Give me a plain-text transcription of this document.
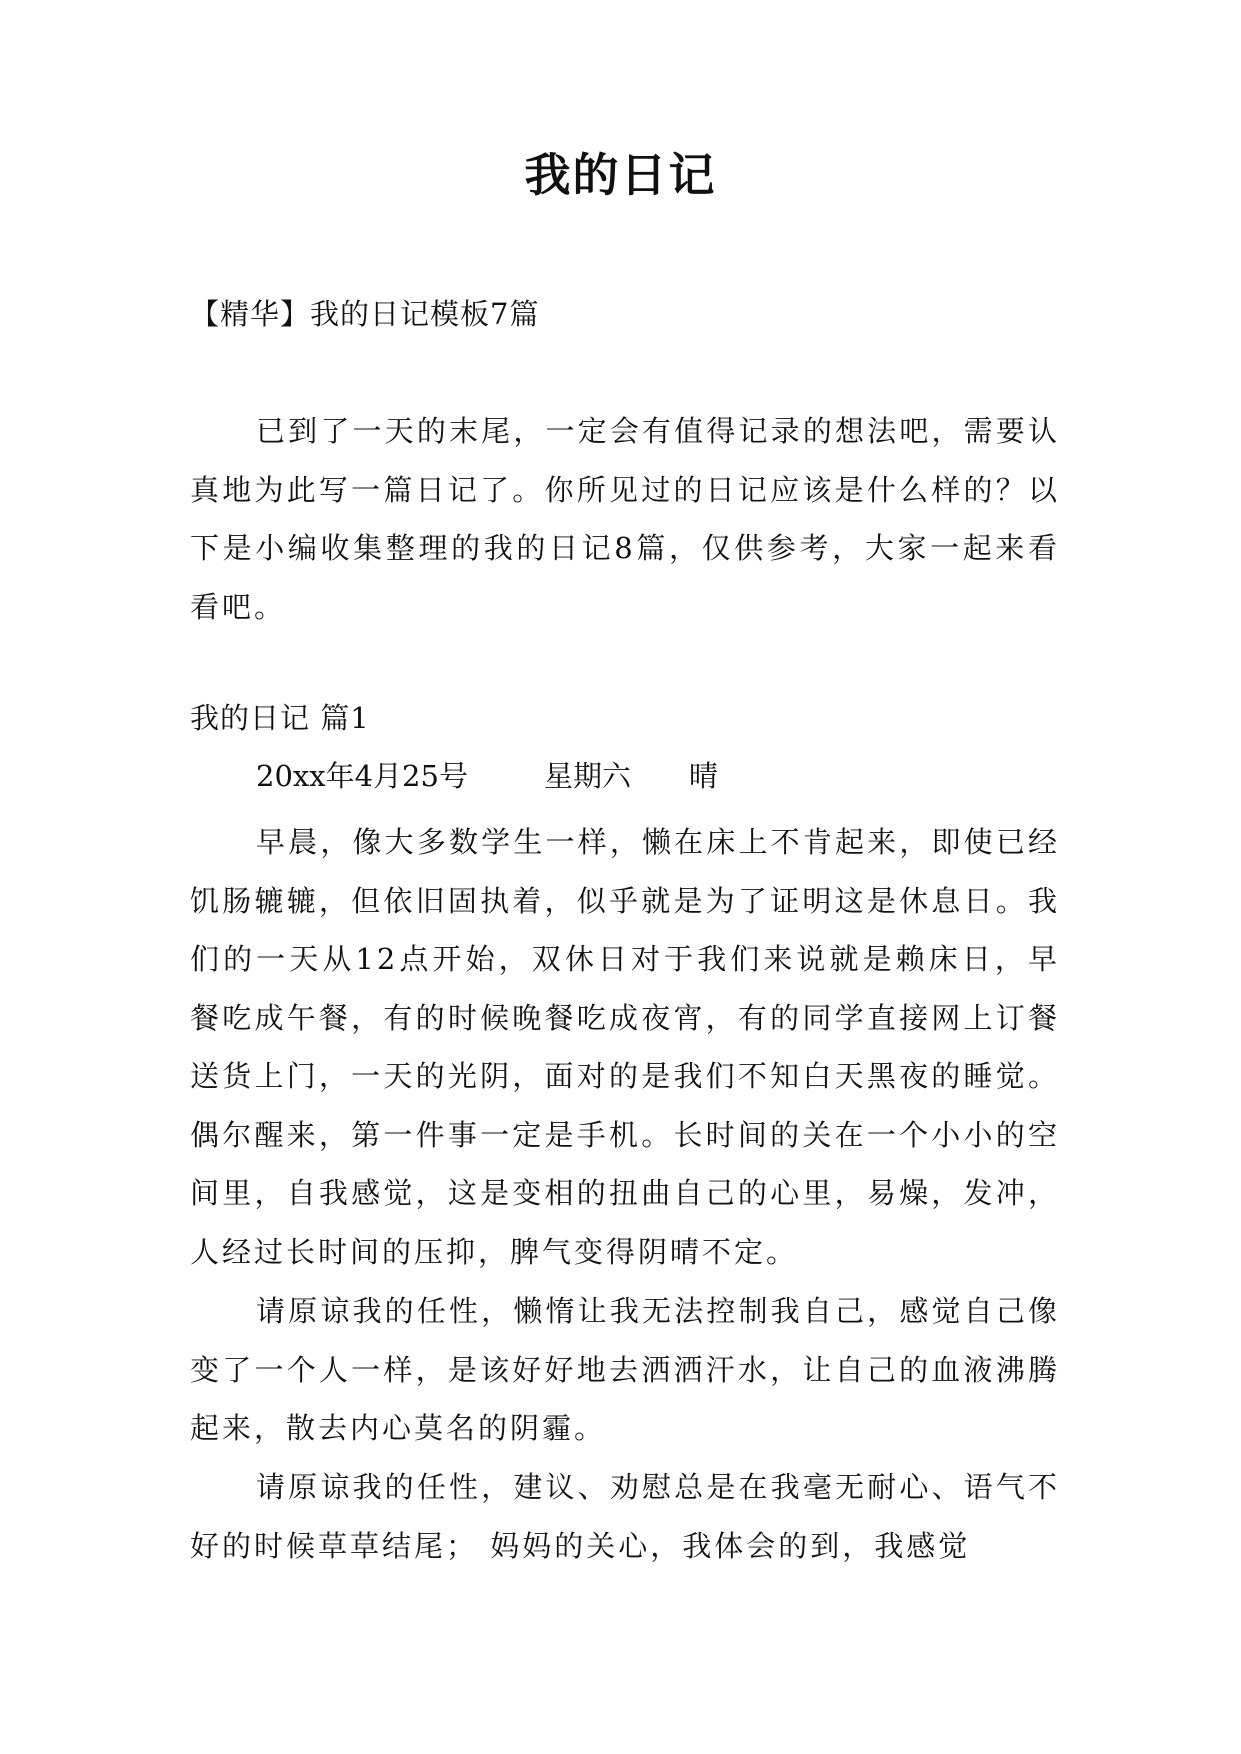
我的日记

【精华】我的日记模板7篇

已到了一天的末尾，一定会有值得记录的想法吧，需要认真地为此写一篇日记了。你所见过的日记应该是什么样的？以下是小编收集整理的我的日记8篇，仅供参考，大家一起来看看吧。

我的日记 篇1

20xx年4月25号	星期六 晴

早晨，像大多数学生一样，懒在床上不肯起来，即使已经饥肠辘辘，但依旧固执着，似乎就是为了证明这是休息日。我们的一天从12点开始，双休日对于我们来说就是赖床日，早餐吃成午餐，有的时候晚餐吃成夜宵，有的同学直接网上订餐送货上门，一天的光阴，面对的是我们不知白天黑夜的睡觉。偶尔醒来，第一件事一定是手机。长时间的关在一个小小的空间里，自我感觉，这是变相的扭曲自己的心里，易燥，发冲，人经过长时间的压抑，脾气变得阴晴不定。

请原谅我的任性，懒惰让我无法控制我自己，感觉自己像变了一个人一样，是该好好地去洒洒汗水，让自己的血液沸腾起来，散去内心莫名的阴霾。

请原谅我的任性，建议、劝慰总是在我毫无耐心、语气不好的时候草草结尾； 妈妈的关心，我体会的到，我感觉
